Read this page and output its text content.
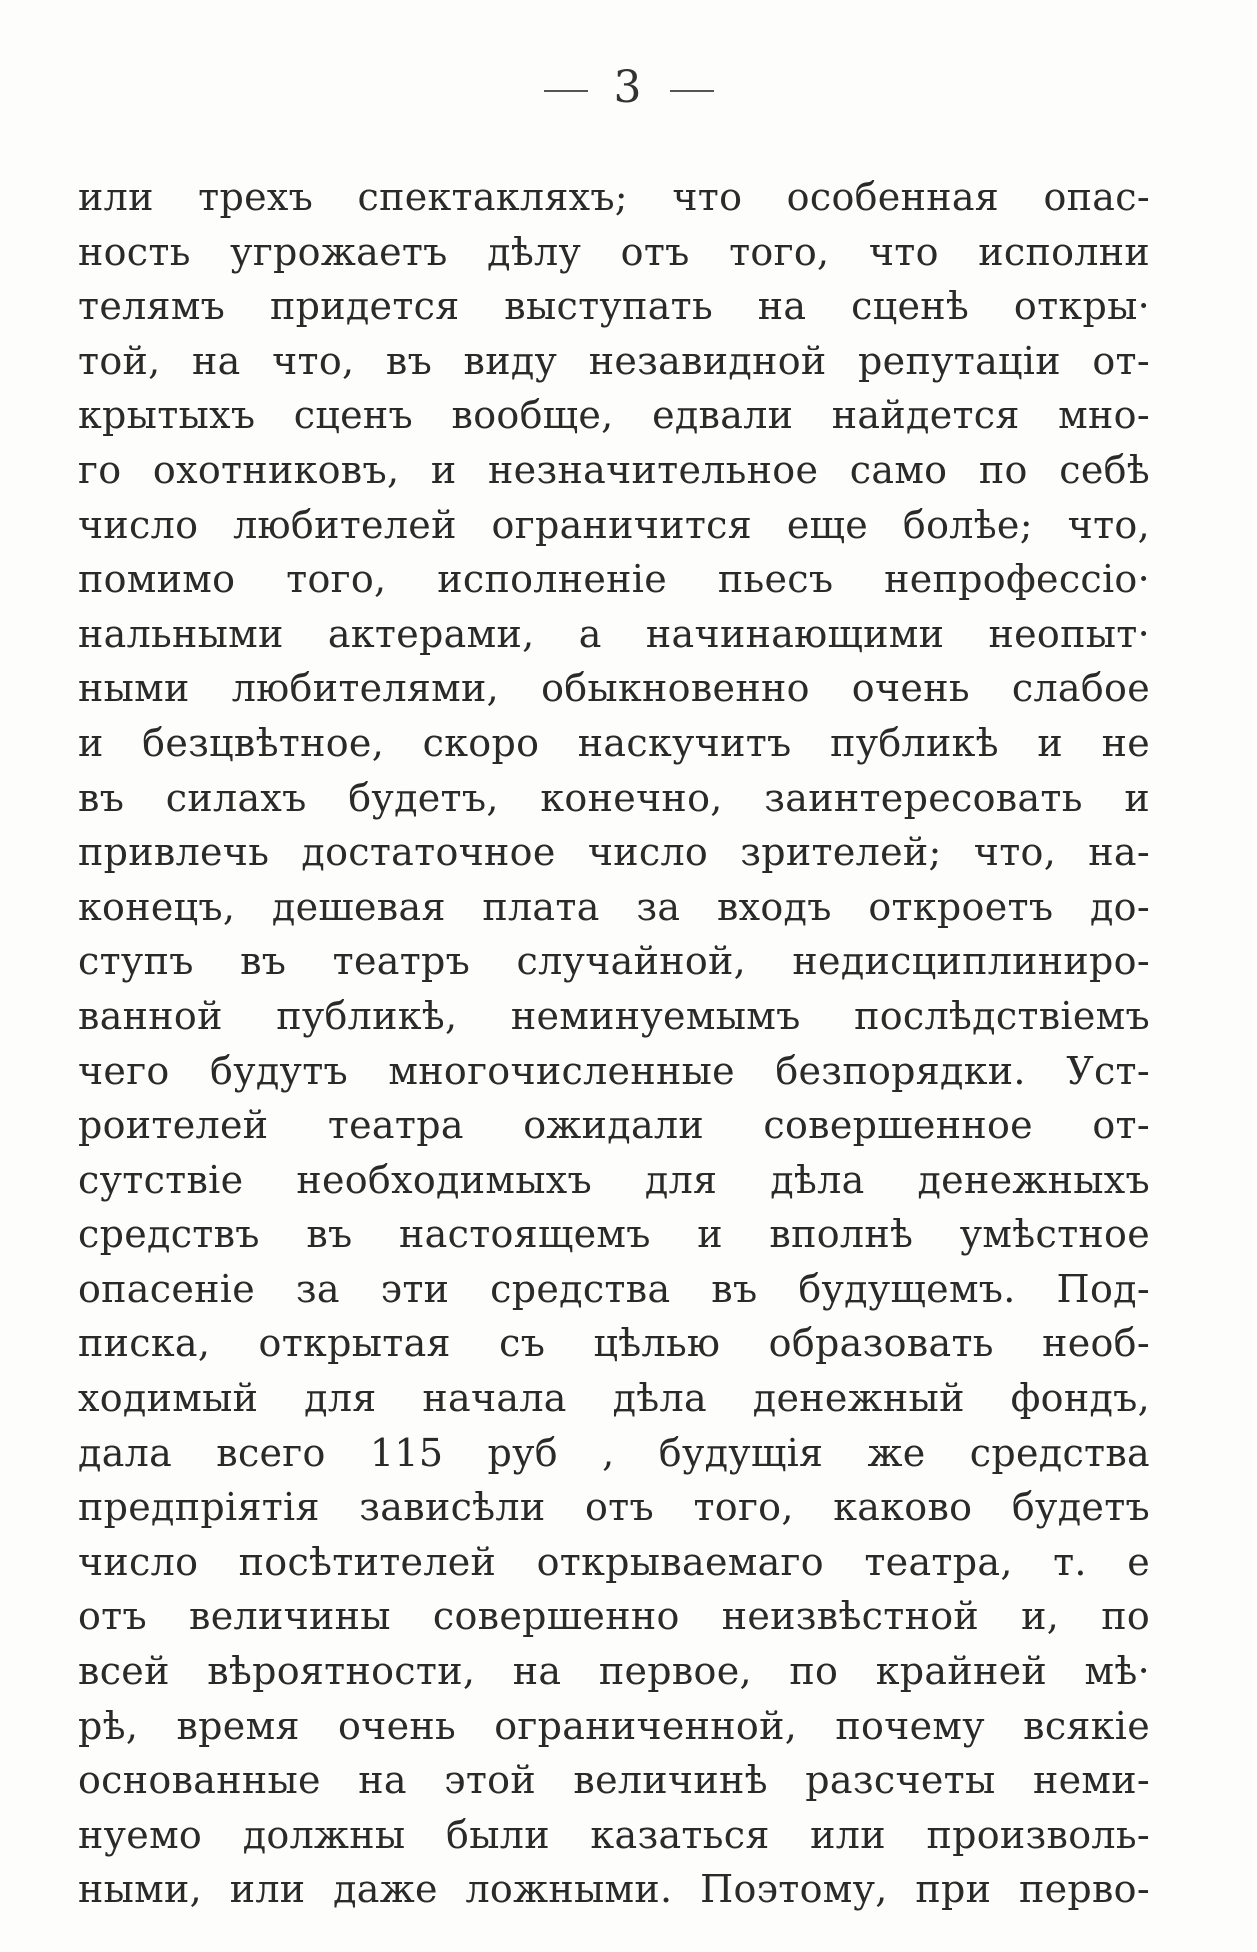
3
или трехъ спектакляхъ; что особенная опас-
ность угрожаетъ дѣлу отъ того, что исполни
телямъ придется выступать на сценѣ откры·
той, на что, въ виду незавидной репутаціи от-
крытыхъ сценъ вообще, едвали найдется мно-
го охотниковъ, и незначительное само по себѣ
число любителей ограничится еще болѣе; что,
помимо того, исполненіе пьесъ непрофессіо·
нальными актерами, а начинающими неопыт·
ными любителями, обыкновенно очень слабое
и безцвѣтное, скоро наскучитъ публикѣ и не
въ силахъ будетъ, конечно, заинтересовать и
привлечь достаточное число зрителей; что, на-
конецъ, дешевая плата за входъ откроетъ до-
ступъ въ театръ случайной, недисциплиниро-
ванной публикѣ, неминуемымъ послѣдствіемъ
чего будутъ многочисленные безпорядки. Уст-
роителей театра ожидали совершенное от-
сутствіе необходимыхъ для дѣла денежныхъ
средствъ въ настоящемъ и вполнѣ умѣстное
опасеніе за эти средства въ будущемъ. Под-
писка, открытая съ цѣлью образовать необ-
ходимый для начала дѣла денежный фондъ,
дала всего 115 руб , будущія же средства
предпріятія зависѣли отъ того, каково будетъ
число посѣтителей открываемаго театра, т. е
отъ величины совершенно неизвѣстной и, по
всей вѣроятности, на первое, по крайней мѣ·
рѣ, время очень ограниченной, почему всякіе
основанные на этой величинѣ разсчеты неми-
нуемо должны были казаться или произволь-
ными, или даже ложными. Поэтому, при перво-
